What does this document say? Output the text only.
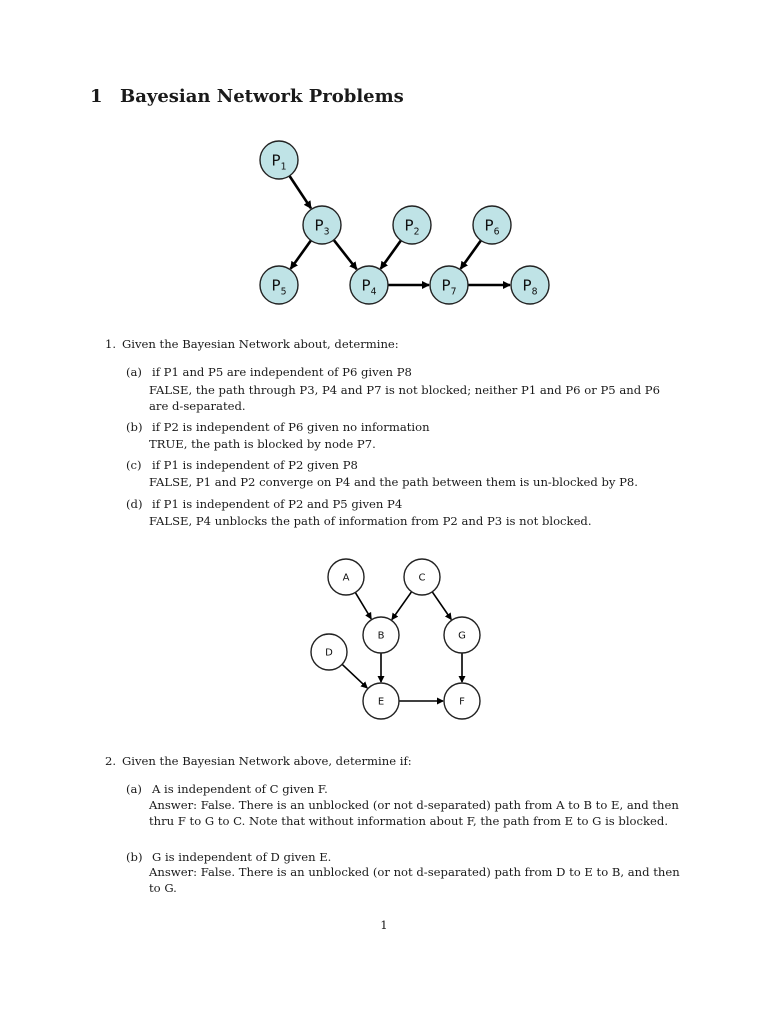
1 Bayesian Network Problems
$P_1$
$P_3$	$P_2$	$P_6$
$P_5$	$P_4$	$P_7$	$P_8$

1. Given the Bayesian Network about, determine:

(a) if P1 and P5 are independent of P6 given P8

FALSE, the path through P3, P4 and P7 is not blocked; neither P1 and P6 or P5 and P6 are d-separated.

(b) if P2 is independent of P6 given no information

TRUE, the path is blocked by node P7.

(c) if P1 is independent of P2 given P8

FALSE, P1 and P2 converge on P4 and the path between them is un-blocked by P8.

(d) if P1 is independent of P2 and P5 given P4

FALSE, P4 unblocks the path of information from P2 and P3 is not blocked.

A	C
B	G
D
E	F

2. Given the Bayesian Network above, determine if:

(a) A is independent of C given F.

Answer: False. There is an unblocked (or not d-separated) path from A to B to E, and then thru F to G to C. Note that without information about F, the path from E to G is blocked.

(b) G is independent of D given E.

Answer: False. There is an unblocked (or not d-separated) path from D to E to B, and then to G.

1
